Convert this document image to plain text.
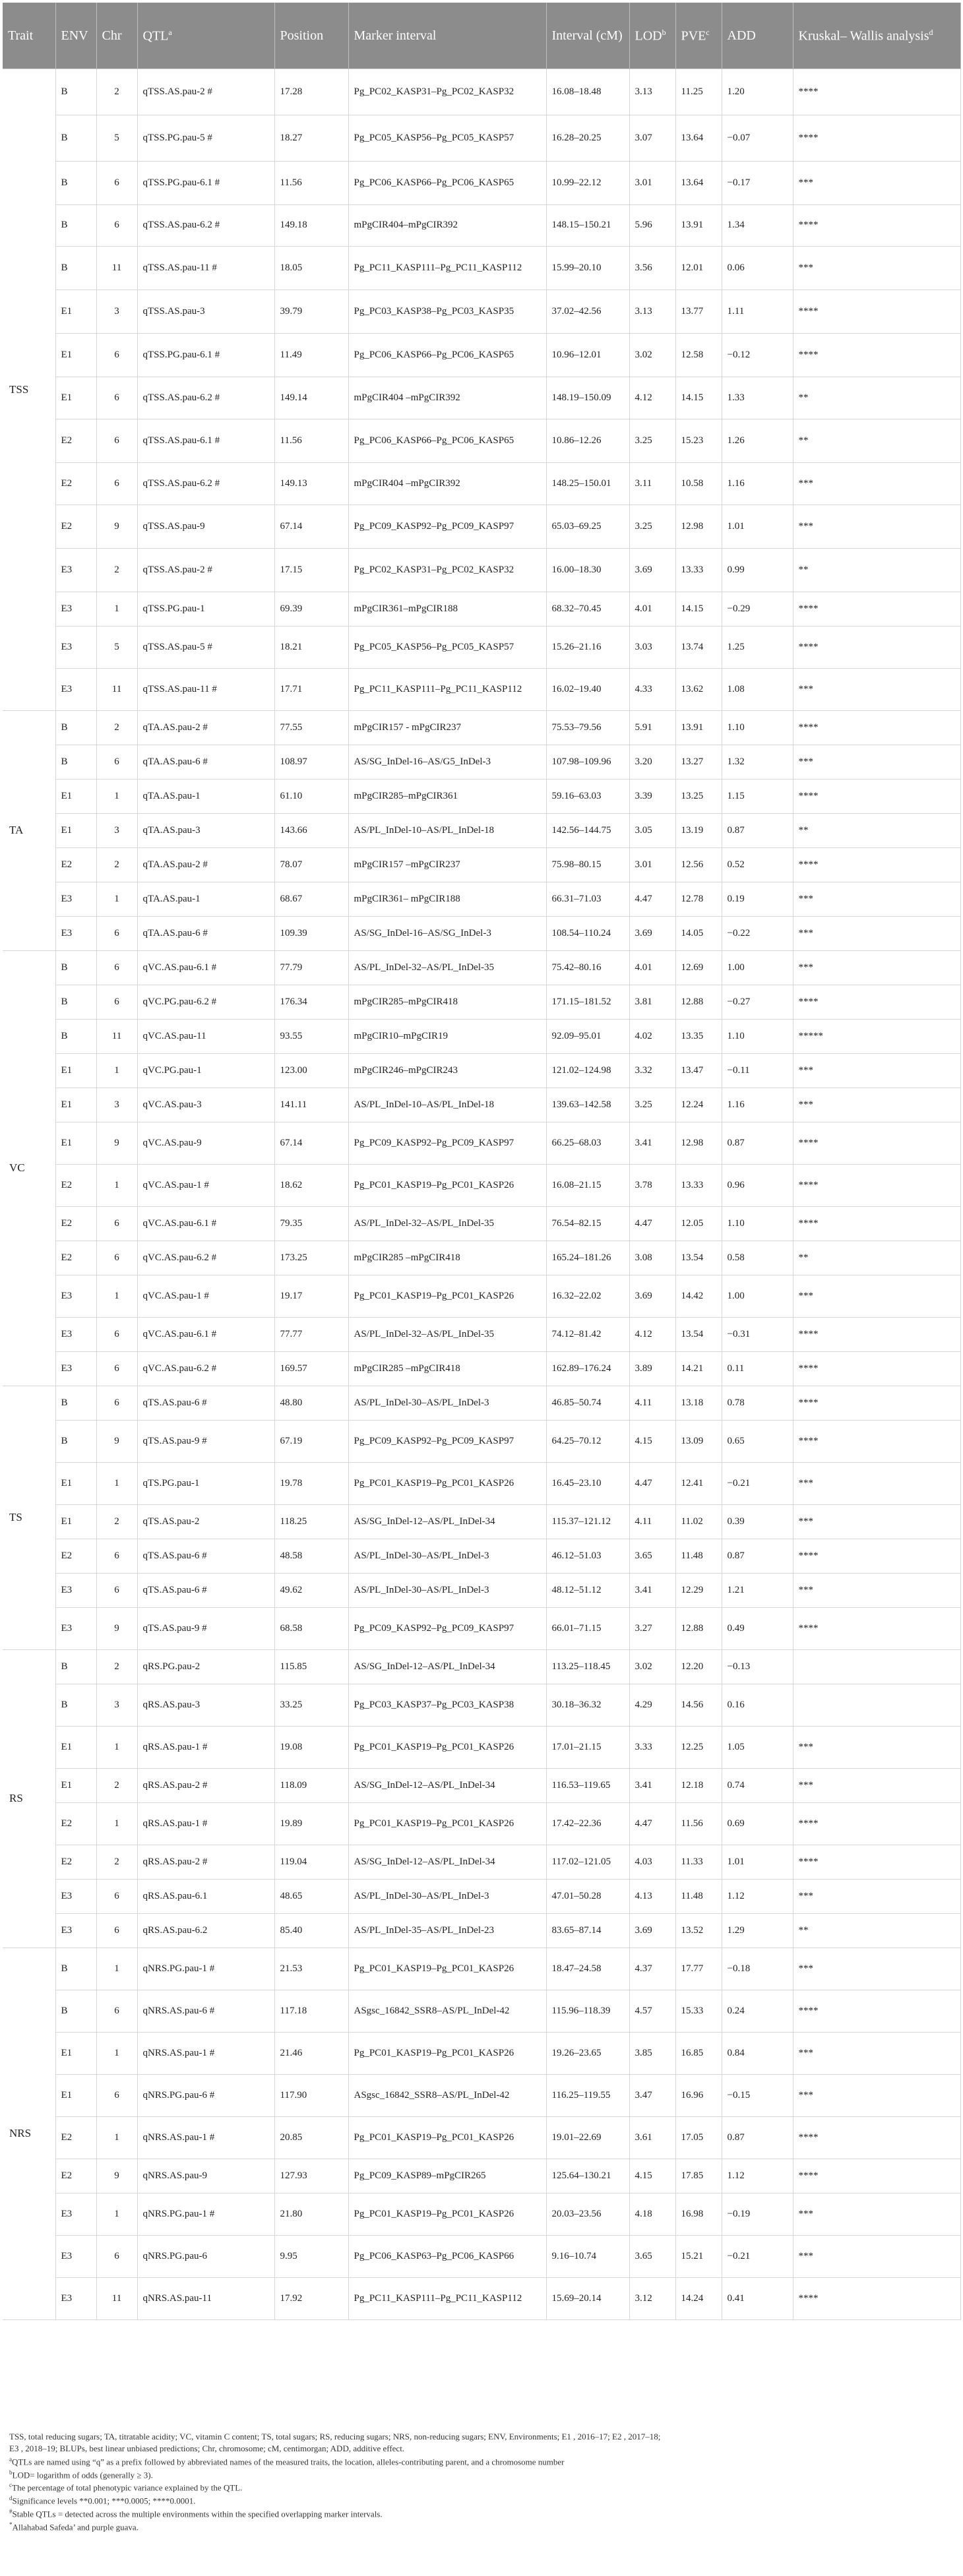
Trait	ENV	Chr	QTL$^a$	Position	Marker interval	Interval (cM)	LOD$^b$	PVE$^c$	ADD	Kruskal– Wallis analysis$^d$
TSS	B	2	qTSS.AS.pau-2 #	17.28	Pg_PC02_KASP31–Pg_PC02_KASP32	16.08–18.48	3.13	11.25	1.20	****
	B	5	qTSS.PG.pau-5 #	18.27	Pg_PC05_KASP56–Pg_PC05_KASP57	16.28–20.25	3.07	13.64	−0.07	****
	B	6	qTSS.PG.pau-6.1 #	11.56	Pg_PC06_KASP66–Pg_PC06_KASP65	10.99–22.12	3.01	13.64	−0.17	***
	B	6	qTSS.AS.pau-6.2 #	149.18	mPgCIR404–mPgCIR392	148.15–150.21	5.96	13.91	1.34	****
	B	11	qTSS.AS.pau-11 #	18.05	Pg_PC11_KASP111–Pg_PC11_KASP112	15.99–20.10	3.56	12.01	0.06	***
	E1	3	qTSS.AS.pau-3	39.79	Pg_PC03_KASP38–Pg_PC03_KASP35	37.02–42.56	3.13	13.77	1.11	****
	E1	6	qTSS.PG.pau-6.1 #	11.49	Pg_PC06_KASP66–Pg_PC06_KASP65	10.96–12.01	3.02	12.58	−0.12	****
	E1	6	qTSS.AS.pau-6.2 #	149.14	mPgCIR404 –mPgCIR392	148.19–150.09	4.12	14.15	1.33	**
	E2	6	qTSS.AS.pau-6.1 #	11.56	Pg_PC06_KASP66–Pg_PC06_KASP65	10.86–12.26	3.25	15.23	1.26	**
	E2	6	qTSS.AS.pau-6.2 #	149.13	mPgCIR404 –mPgCIR392	148.25–150.01	3.11	10.58	1.16	***
	E2	9	qTSS.AS.pau-9	67.14	Pg_PC09_KASP92–Pg_PC09_KASP97	65.03–69.25	3.25	12.98	1.01	***
	E3	2	qTSS.AS.pau-2 #	17.15	Pg_PC02_KASP31–Pg_PC02_KASP32	16.00–18.30	3.69	13.33	0.99	**
	E3	1	qTSS.PG.pau-1	69.39	mPgCIR361–mPgCIR188	68.32–70.45	4.01	14.15	−0.29	****
	E3	5	qTSS.AS.pau-5 #	18.21	Pg_PC05_KASP56–Pg_PC05_KASP57	15.26–21.16	3.03	13.74	1.25	****
	E3	11	qTSS.AS.pau-11 #	17.71	Pg_PC11_KASP111–Pg_PC11_KASP112	16.02–19.40	4.33	13.62	1.08	***
TA	B	2	qTA.AS.pau-2 #	77.55	mPgCIR157 - mPgCIR237	75.53–79.56	5.91	13.91	1.10	****
	B	6	qTA.AS.pau-6 #	108.97	AS/SG_InDel-16–AS/G5_InDel-3	107.98–109.96	3.20	13.27	1.32	***
	E1	1	qTA.AS.pau-1	61.10	mPgCIR285–mPgCIR361	59.16–63.03	3.39	13.25	1.15	****
	E1	3	qTA.AS.pau-3	143.66	AS/PL_InDel-10–AS/PL_InDel-18	142.56–144.75	3.05	13.19	0.87	**
	E2	2	qTA.AS.pau-2 #	78.07	mPgCIR157 –mPgCIR237	75.98–80.15	3.01	12.56	0.52	****
	E3	1	qTA.AS.pau-1	68.67	mPgCIR361– mPgCIR188	66.31–71.03	4.47	12.78	0.19	***
	E3	6	qTA.AS.pau-6 #	109.39	AS/SG_InDel-16–AS/SG_InDel-3	108.54–110.24	3.69	14.05	−0.22	***
VC	B	6	qVC.AS.pau-6.1 #	77.79	AS/PL_InDel-32–AS/PL_InDel-35	75.42–80.16	4.01	12.69	1.00	***
	B	6	qVC.PG.pau-6.2 #	176.34	mPgCIR285–mPgCIR418	171.15–181.52	3.81	12.88	−0.27	****
	B	11	qVC.AS.pau-11	93.55	mPgCIR10–mPgCIR19	92.09–95.01	4.02	13.35	1.10	*****
	E1	1	qVC.PG.pau-1	123.00	mPgCIR246–mPgCIR243	121.02–124.98	3.32	13.47	−0.11	***
	E1	3	qVC.AS.pau-3	141.11	AS/PL_InDel-10–AS/PL_InDel-18	139.63–142.58	3.25	12.24	1.16	***
	E1	9	qVC.AS.pau-9	67.14	Pg_PC09_KASP92–Pg_PC09_KASP97	66.25–68.03	3.41	12.98	0.87	****
	E2	1	qVC.AS.pau-1 #	18.62	Pg_PC01_KASP19–Pg_PC01_KASP26	16.08–21.15	3.78	13.33	0.96	****
	E2	6	qVC.AS.pau-6.1 #	79.35	AS/PL_InDel-32–AS/PL_InDel-35	76.54–82.15	4.47	12.05	1.10	****
	E2	6	qVC.AS.pau-6.2 #	173.25	mPgCIR285 –mPgCIR418	165.24–181.26	3.08	13.54	0.58	**
	E3	1	qVC.AS.pau-1 #	19.17	Pg_PC01_KASP19–Pg_PC01_KASP26	16.32–22.02	3.69	14.42	1.00	***
	E3	6	qVC.AS.pau-6.1 #	77.77	AS/PL_InDel-32–AS/PL_InDel-35	74.12–81.42	4.12	13.54	−0.31	****
	E3	6	qVC.AS.pau-6.2 #	169.57	mPgCIR285 –mPgCIR418	162.89–176.24	3.89	14.21	0.11	****
TS	B	6	qTS.AS.pau-6 #	48.80	AS/PL_InDel-30–AS/PL_InDel-3	46.85–50.74	4.11	13.18	0.78	****
	B	9	qTS.AS.pau-9 #	67.19	Pg_PC09_KASP92–Pg_PC09_KASP97	64.25–70.12	4.15	13.09	0.65	****
	E1	1	qTS.PG.pau-1	19.78	Pg_PC01_KASP19–Pg_PC01_KASP26	16.45–23.10	4.47	12.41	−0.21	***
	E1	2	qTS.AS.pau-2	118.25	AS/SG_InDel-12–AS/PL_InDel-34	115.37–121.12	4.11	11.02	0.39	***
	E2	6	qTS.AS.pau-6 #	48.58	AS/PL_InDel-30–AS/PL_InDel-3	46.12–51.03	3.65	11.48	0.87	****
	E3	6	qTS.AS.pau-6 #	49.62	AS/PL_InDel-30–AS/PL_InDel-3	48.12–51.12	3.41	12.29	1.21	***
	E3	9	qTS.AS.pau-9 #	68.58	Pg_PC09_KASP92–Pg_PC09_KASP97	66.01–71.15	3.27	12.88	0.49	****
RS	B	2	qRS.PG.pau-2	115.85	AS/SG_InDel-12–AS/PL_InDel-34	113.25–118.45	3.02	12.20	−0.13	
	B	3	qRS.AS.pau-3	33.25	Pg_PC03_KASP37–Pg_PC03_KASP38	30.18–36.32	4.29	14.56	0.16	
	E1	1	qRS.AS.pau-1 #	19.08	Pg_PC01_KASP19–Pg_PC01_KASP26	17.01–21.15	3.33	12.25	1.05	***
	E1	2	qRS.AS.pau-2 #	118.09	AS/SG_InDel-12–AS/PL_InDel-34	116.53–119.65	3.41	12.18	0.74	***
	E2	1	qRS.AS.pau-1 #	19.89	Pg_PC01_KASP19–Pg_PC01_KASP26	17.42–22.36	4.47	11.56	0.69	****
	E2	2	qRS.AS.pau-2 #	119.04	AS/SG_InDel-12–AS/PL_InDel-34	117.02–121.05	4.03	11.33	1.01	****
	E3	6	qRS.AS.pau-6.1	48.65	AS/PL_InDel-30–AS/PL_InDel-3	47.01–50.28	4.13	11.48	1.12	***
	E3	6	qRS.AS.pau-6.2	85.40	AS/PL_InDel-35–AS/PL_InDel-23	83.65–87.14	3.69	13.52	1.29	**
NRS	B	1	qNRS.PG.pau-1 #	21.53	Pg_PC01_KASP19–Pg_PC01_KASP26	18.47–24.58	4.37	17.77	−0.18	***
	B	6	qNRS.AS.pau-6 #	117.18	ASgsc_16842_SSR8–AS/PL_InDel-42	115.96–118.39	4.57	15.33	0.24	****
	E1	1	qNRS.AS.pau-1 #	21.46	Pg_PC01_KASP19–Pg_PC01_KASP26	19.26–23.65	3.85	16.85	0.84	***
	E1	6	qNRS.PG.pau-6 #	117.90	ASgsc_16842_SSR8–AS/PL_InDel-42	116.25–119.55	3.47	16.96	−0.15	***
	E2	1	qNRS.AS.pau-1 #	20.85	Pg_PC01_KASP19–Pg_PC01_KASP26	19.01–22.69	3.61	17.05	0.87	****
	E2	9	qNRS.AS.pau-9	127.93	Pg_PC09_KASP89–mPgCIR265	125.64–130.21	4.15	17.85	1.12	****
	E3	1	qNRS.PG.pau-1 #	21.80	Pg_PC01_KASP19–Pg_PC01_KASP26	20.03–23.56	4.18	16.98	−0.19	***
	E3	6	qNRS.PG.pau-6	9.95	Pg_PC06_KASP63–Pg_PC06_KASP66	9.16–10.74	3.65	15.21	−0.21	***
	E3	11	qNRS.AS.pau-11	17.92	Pg_PC11_KASP111–Pg_PC11_KASP112	15.69–20.14	3.12	14.24	0.41	****
TSS, total reducing sugars; TA, titratable acidity; VC, vitamin C content; TS, total sugars; RS, reducing sugars; NRS, non-reducing sugars; ENV, Environments; E1 , 2016–17; E2 , 2017–18;
E3 , 2018–19; BLUPs, best linear unbiased predictions; Chr, chromosome; cM, centimorgan; ADD, additive effect.
$^a$QTLs are named using “q” as a prefix followed by abbreviated names of the measured traits, the location, alleles-contributing parent, and a chromosome number
$^b$LOD= logarithm of odds (generally ≥ 3).
$^c$The percentage of total phenotypic variance explained by the QTL.
$^d$Significance levels **0.001; ***0.0005; ****0.0001.
#Stable QTLs = detected across the multiple environments within the specified overlapping marker intervals.
*Allahabad Safeda’ and purple guava.
